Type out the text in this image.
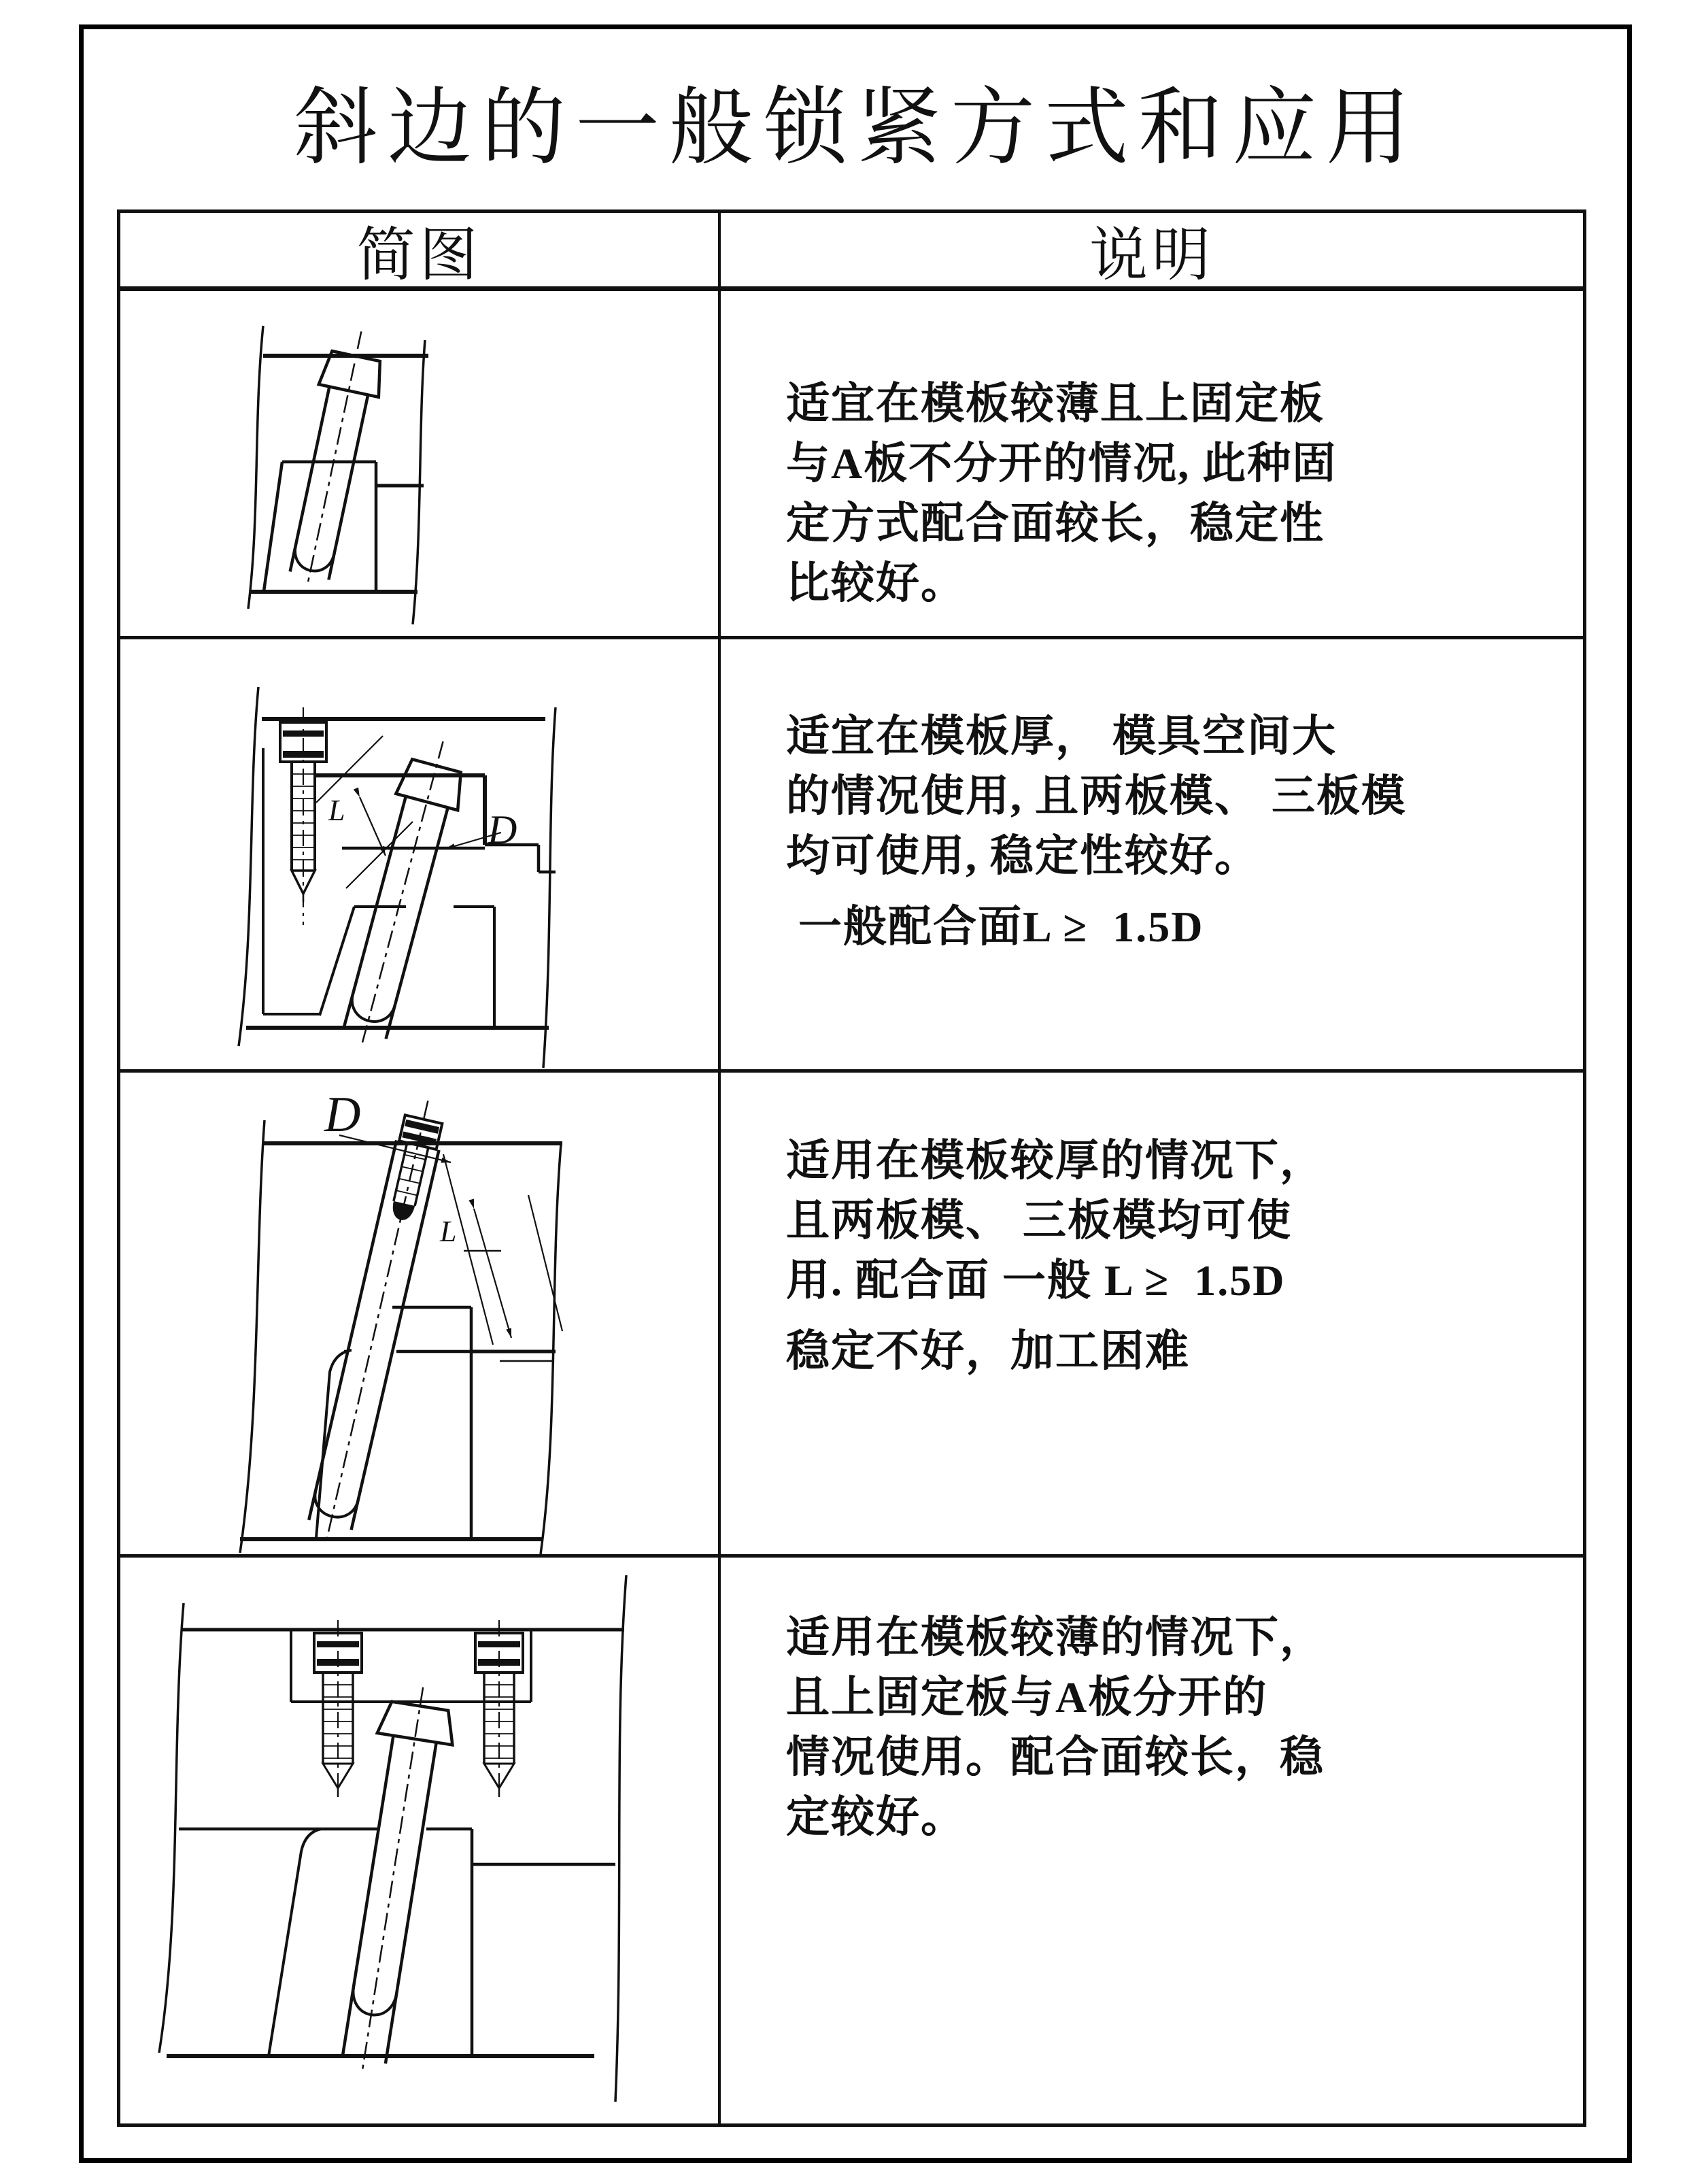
斜边的一般锁紧方式和应用
简图	说明
适宜在模板较薄且上固定板
与A板不分开的情况, 此种固
定方式配合面较长，稳定性
比较好。
D
L
适宜在模板厚， 模具空间大
的情况使用, 且两板模、 三板模
均可使用, 稳定性较好。
一般配合面L ≥  1.5D
D
L
适用在模板较厚的情况下，
且两板模、 三板模均可使
用. 配合面 一般 L ≥  1.5D
稳定不好，加工困难
适用在模板较薄的情况下，
且上固定板与A板分开的
情况使用。配合面较长，稳
定较好。
